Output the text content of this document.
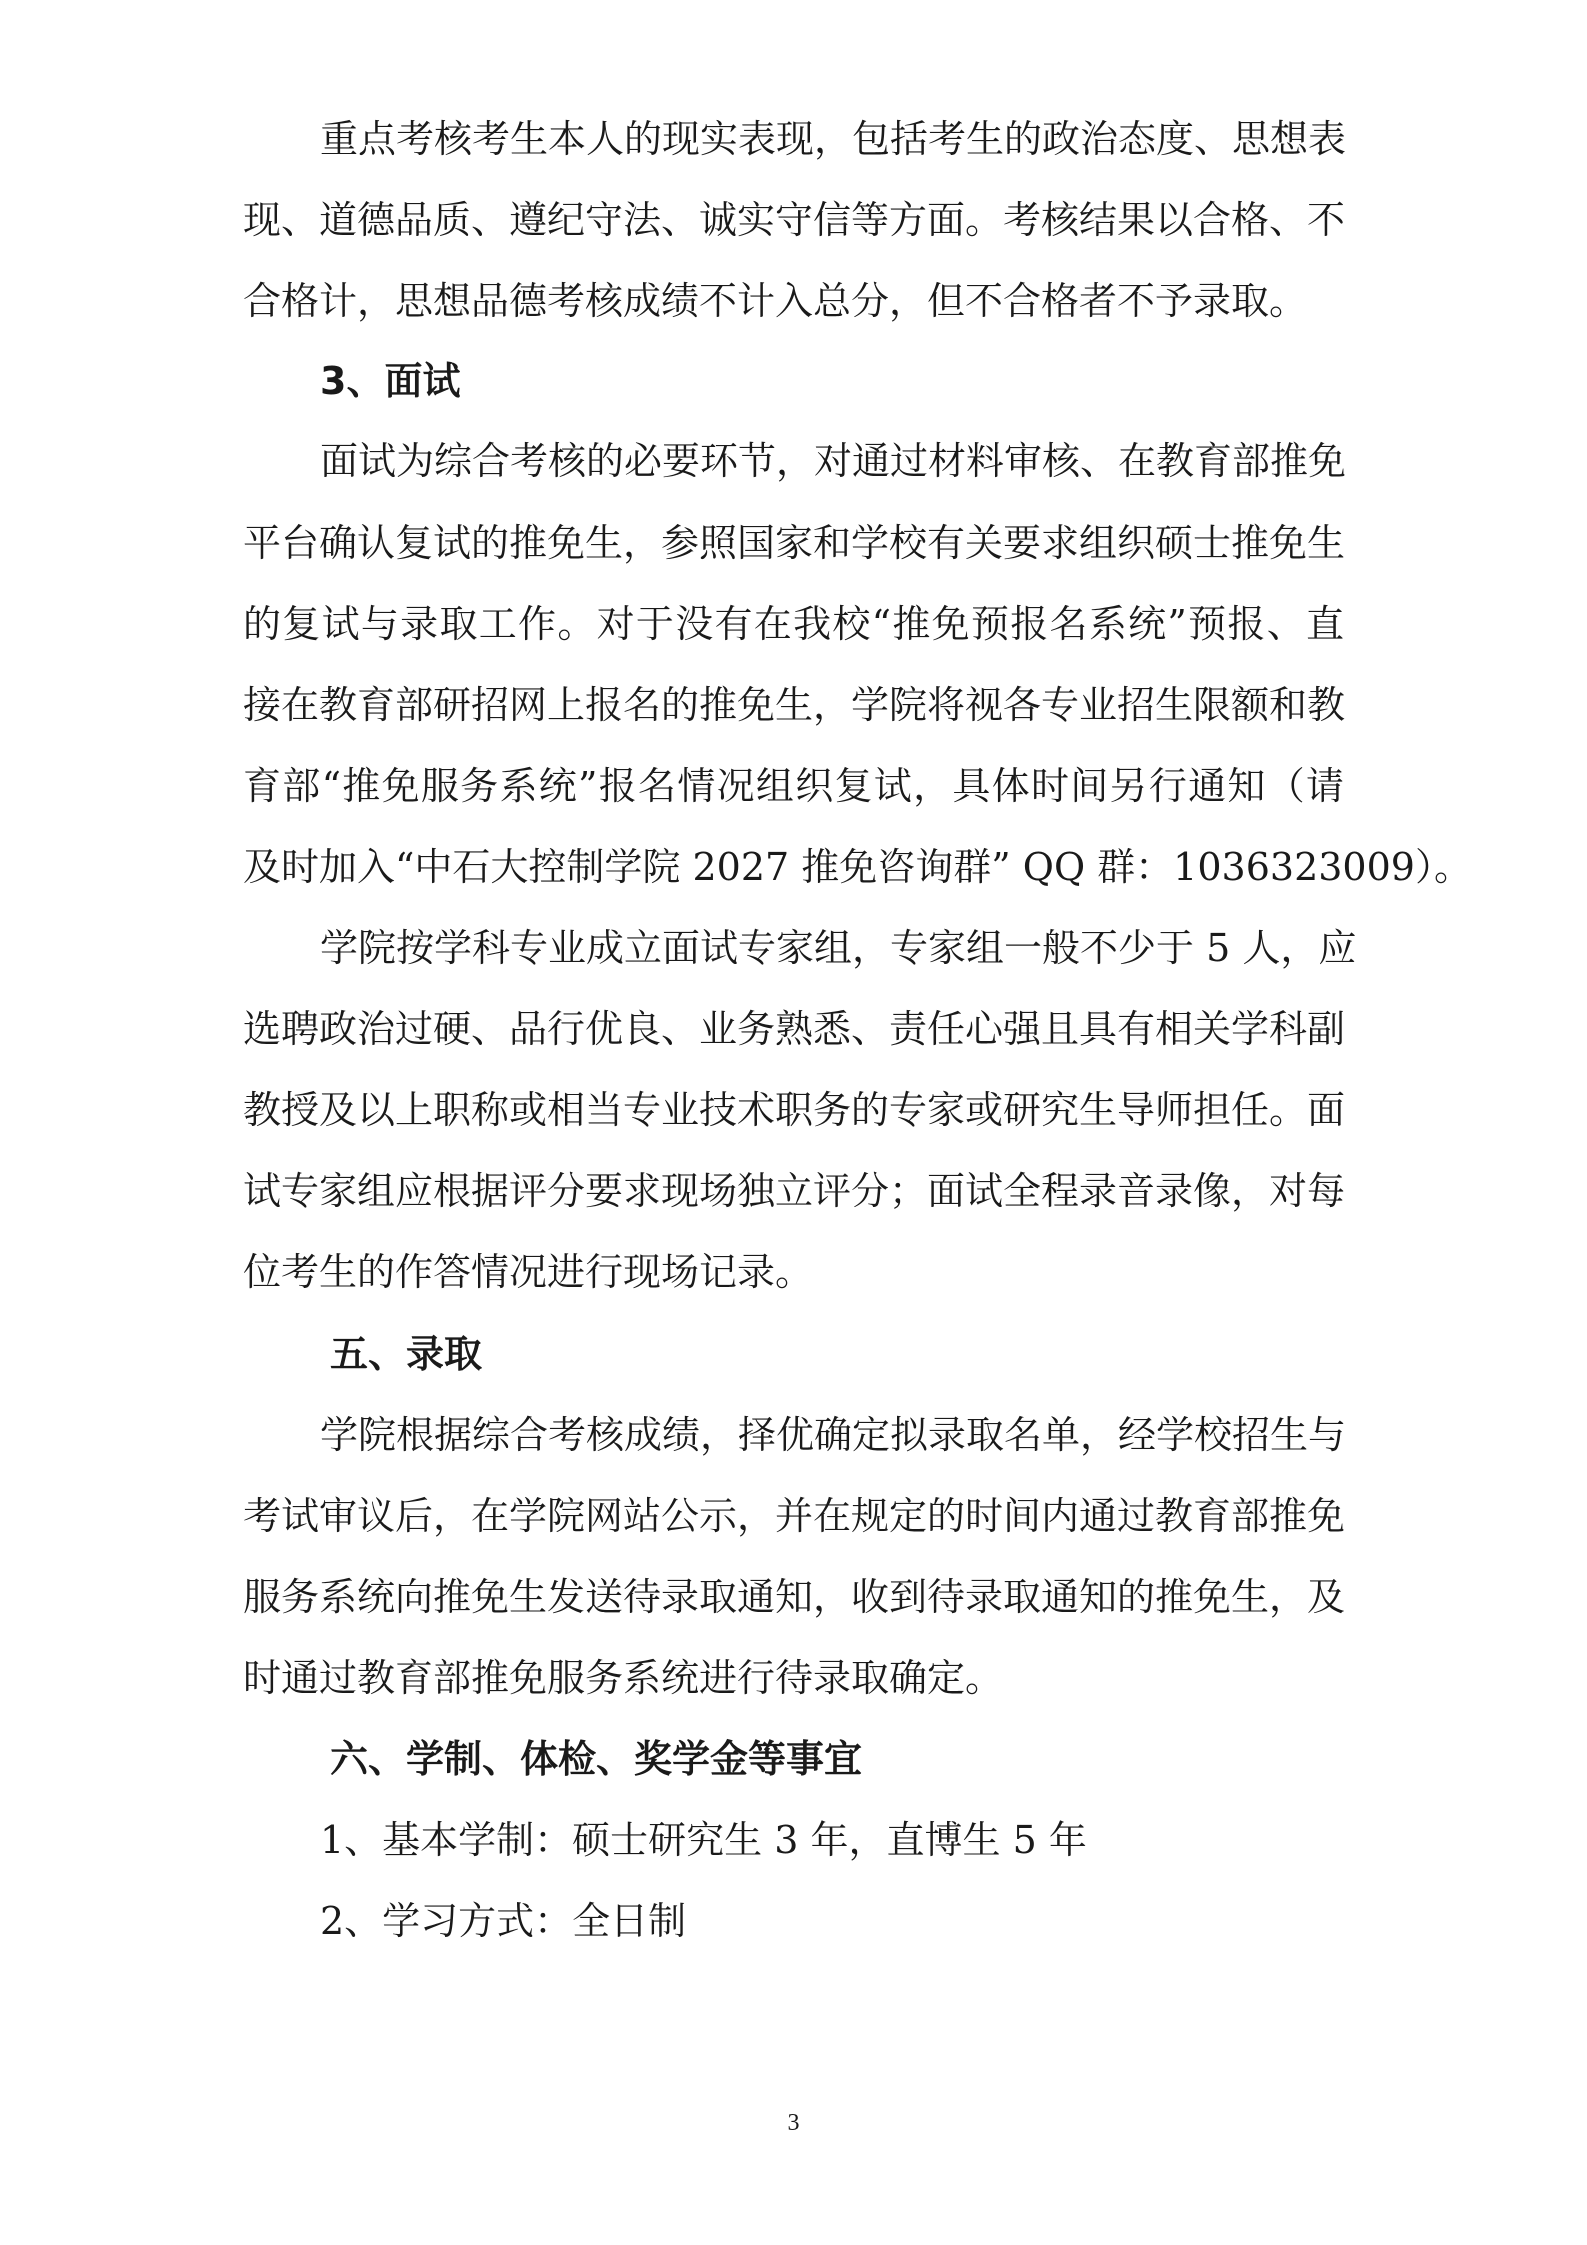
重点考核考生本人的现实表现，包括考生的政治态度、思想表

现、道德品质、遵纪守法、诚实守信等方面。考核结果以合格、不

合格计，思想品德考核成绩不计入总分，但不合格者不予录取。

3、面试

面试为综合考核的必要环节，对通过材料审核、在教育部推免

平台确认复试的推免生，参照国家和学校有关要求组织硕士推免生

的复试与录取工作。对于没有在我校“推免预报名系统”预报、直

接在教育部研招网上报名的推免生，学院将视各专业招生限额和教

育部“推免服务系统”报名情况组织复试，具体时间另行通知（请

及时加入“中石大控制学院 2027 推免咨询群” QQ 群：1036323009）。

学院按学科专业成立面试专家组，专家组一般不少于 5 人，应

选聘政治过硬、品行优良、业务熟悉、责任心强且具有相关学科副

教授及以上职称或相当专业技术职务的专家或研究生导师担任。面

试专家组应根据评分要求现场独立评分；面试全程录音录像，对每

位考生的作答情况进行现场记录。

五、录取

学院根据综合考核成绩，择优确定拟录取名单，经学校招生与

考试审议后，在学院网站公示，并在规定的时间内通过教育部推免

服务系统向推免生发送待录取通知，收到待录取通知的推免生，及

时通过教育部推免服务系统进行待录取确定。

六、学制、体检、奖学金等事宜

1、基本学制：硕士研究生 3 年，直博生 5 年

2、学习方式：全日制

3
